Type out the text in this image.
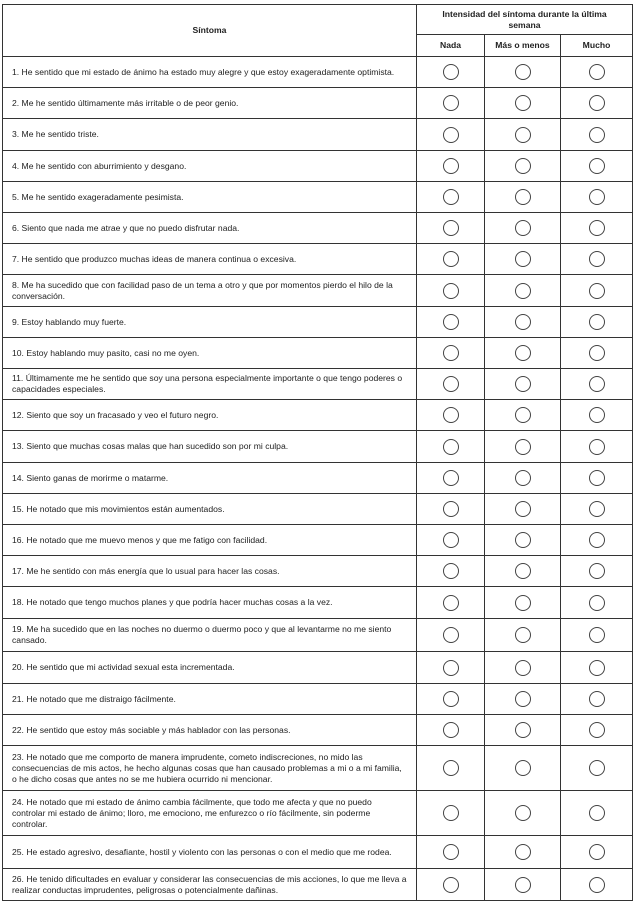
Síntoma	Intensidad del síntoma durante la última semana		
	Nada	Más o menos	Mucho
1. He sentido que mi estado de ánimo ha estado muy alegre y que estoy exageradamente optimista.			
2. Me he sentido últimamente más irritable o de peor genio.			
3. Me he sentido triste.			
4. Me he sentido con aburrimiento y desgano.			
5. Me he sentido exageradamente pesimista.			
6. Siento que nada me atrae y que no puedo disfrutar nada.			
7. He sentido que produzco muchas ideas de manera continua o excesiva.			
8. Me ha sucedido que con facilidad paso de un tema a otro y que por momentos pierdo el hilo de la conversación.			
9. Estoy hablando muy fuerte.			
10. Estoy hablando muy pasito, casi no me oyen.			
11. Últimamente me he sentido que soy una persona especialmente importante o que tengo poderes o capacidades especiales.			
12. Siento que soy un fracasado y veo el futuro negro.			
13. Siento que muchas cosas malas que han sucedido son por mi culpa.			
14. Siento ganas de morirme o matarme.			
15. He notado que mis movimientos están aumentados.			
16. He notado que me muevo menos y que me fatigo con facilidad.			
17. Me he sentido con más energía que lo usual para hacer las cosas.			
18. He notado que tengo muchos planes y que podría hacer muchas cosas a la vez.			
19. Me ha sucedido que en las noches no duermo o duermo poco y que al levantarme no me siento cansado.			
20. He sentido que mi actividad sexual esta incrementada.			
21. He notado que me distraigo fácilmente.			
22. He sentido que estoy más sociable y más hablador con las personas.			
23. He notado que me comporto de manera imprudente, cometo indiscreciones, no mido las consecuencias de mis actos, he hecho algunas cosas que han causado problemas a mi o a mi familia, o he dicho cosas que antes no se me hubiera ocurrido ni mencionar.			
24. He notado que mi estado de ánimo cambia fácilmente, que todo me afecta y que no puedo controlar mi estado de ánimo; lloro, me emociono, me enfurezco o río fácilmente, sin poderme controlar.			
25. He estado agresivo, desafiante, hostil y violento con las personas o con el medio que me rodea.			
26. He tenido dificultades en evaluar y considerar las consecuencias de mis acciones, lo que me lleva a realizar conductas imprudentes, peligrosas o potencialmente dañinas.			
